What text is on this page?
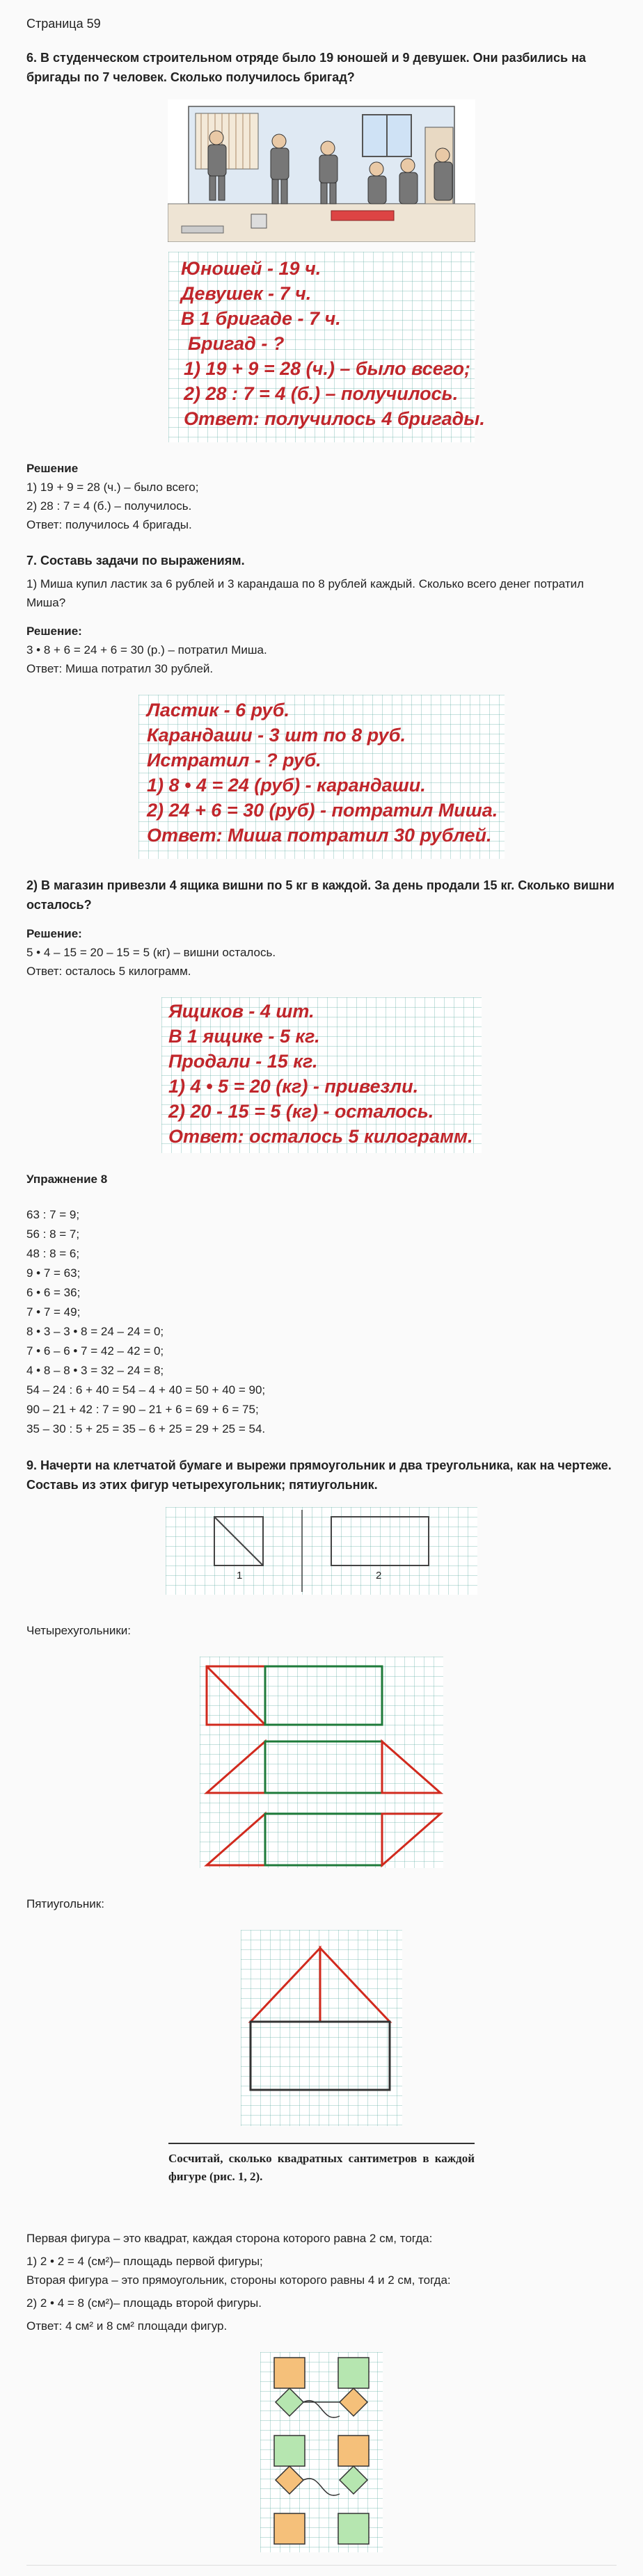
Страница 59

6. В студенческом строительном отряде было 19 юношей и 9 девушек. Они разбились на бригады по 7 человек. Сколько получилось бригад?

Юношей - 19 ч.
Девушек - 7 ч.
В 1 бригаде - 7 ч.
Бригад - ?
1) 19 + 9 = 28 (ч.) – было всего;
2) 28 : 7 = 4 (б.) – получилось.
Ответ: получилось 4 бригады.

Решение

1) 19 + 9 = 28 (ч.) – было всего;

2) 28 : 7 = 4 (б.) – получилось.

Ответ: получилось 4 бригады.

7. Составь задачи по выражениям.

1) Миша купил ластик за 6 рублей и 3 карандаша по 8 рублей каждый. Сколько всего денег потратил Миша?

Решение:

3 • 8 + 6 = 24 + 6 = 30 (р.) – потратил Миша.

Ответ: Миша потратил 30 рублей.

Ластик - 6 руб.
Карандаши - 3 шт по 8 руб.
Истратил - ? руб.
1) 8 • 4 = 24 (руб) - карандаши.
2) 24 + 6 = 30 (руб) - потратил Миша.
Ответ: Миша потратил 30 рублей.

2) В магазин привезли 4 ящика вишни по 5 кг в каждой. За день продали 15 кг. Сколько вишни осталось?

Решение:

5 • 4 – 15 = 20 – 15 = 5 (кг) – вишни осталось.

Ответ: осталось 5 килограмм.

Ящиков - 4 шт.
В 1 ящике - 5 кг.
Продали - 15 кг.
1) 4 • 5 = 20 (кг) - привезли.
2) 20 - 15 = 5 (кг) - осталось.
Ответ: осталось 5 килограмм.

Упражнение 8

63 : 7 = 9;

56 : 8 = 7;

48 : 8 = 6;

9 • 7 = 63;

6 • 6 = 36;

7 • 7 = 49;

8 • 3 – 3 • 8 = 24 – 24 = 0;

7 • 6 – 6 • 7 = 42 – 42 = 0;

4 • 8 – 8 • 3 = 32 – 24 = 8;

54 – 24 : 6 + 40 = 54 – 4 + 40 = 50 + 40 = 90;

90 – 21 + 42 : 7 = 90 – 21 + 6 = 69 + 6 = 75;

35 – 30 : 5 + 25 = 35 – 6 + 25 = 29 + 25 = 54.

9. Начерти на клетчатой бумаге и вырежи прямоугольник и два треугольника, как на чертеже. Составь из этих фигур четырехугольник; пятиугольник.

1	2

Четырехугольники:

Пятиугольник:

Сосчитай, сколько квадратных сантиметров в каждой фигуре (рис. 1, 2).

Первая фигура – это квадрат, каждая сторона которого равна 2 см, тогда:

1) 2 • 2 = 4 (см²)– площадь первой фигуры;

Вторая фигура – это прямоугольник, стороны которого равны 4 и 2 см, тогда:

2) 2 • 4 = 8 (см²)– площадь второй фигуры.

Ответ: 4 см² и 8 см² площади фигур.
